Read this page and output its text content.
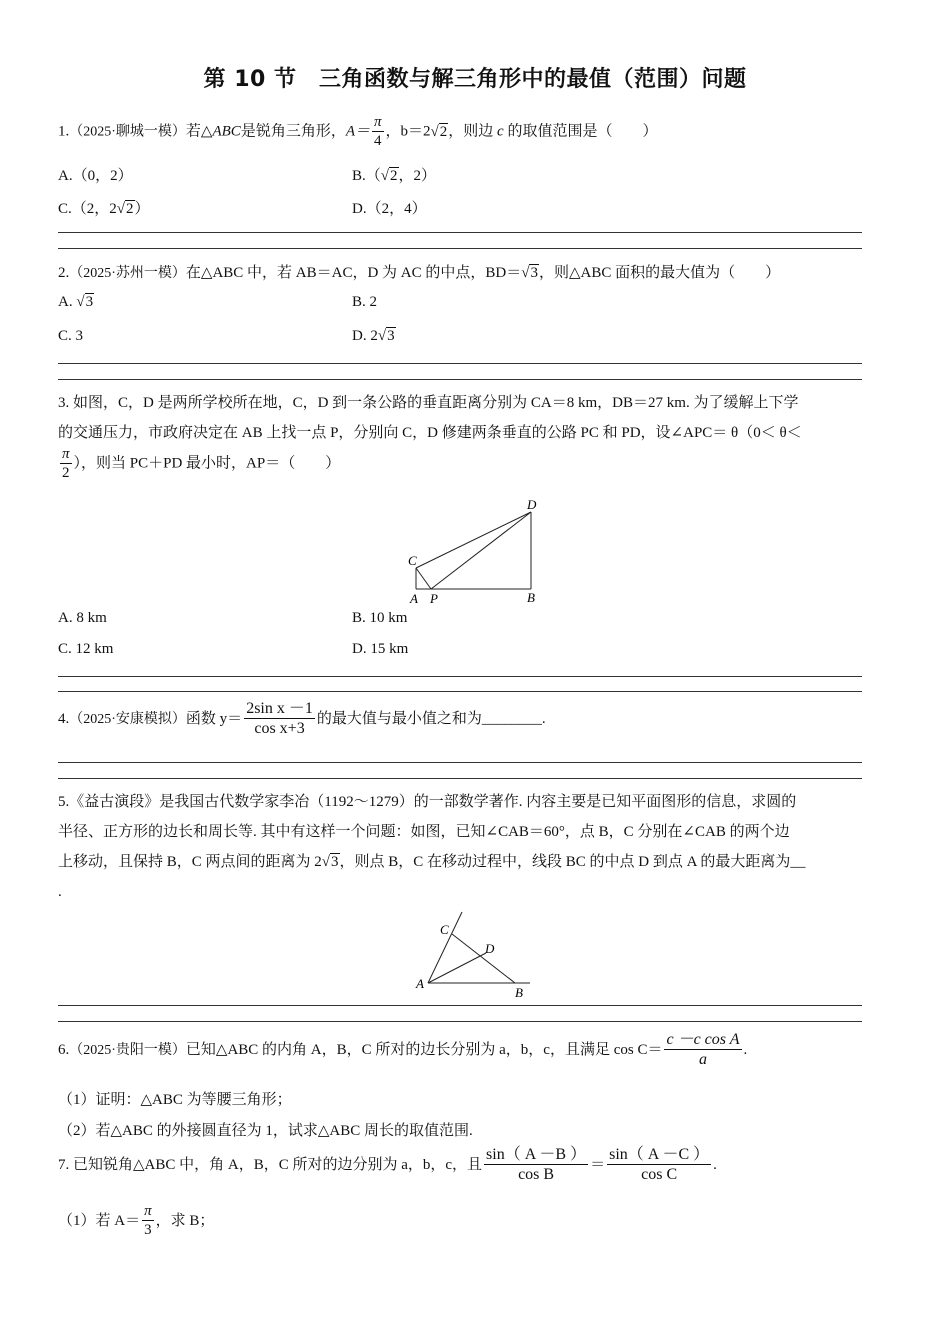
第 10 节　三角函数与解三角形中的最值（范围）问题
1.（2025·聊城一模）若△ABC是锐角三角形，$A= \frac{\pi}{4}$ ，b＝2√2，则边 c 的取值范围是（　　）
A.（0，2）	B.（√2，2）
C.（2，2√2）	D.（2，4）
2.（2025·苏州一模）在△ABC 中，若 AB＝AC，D 为 AC 的中点，BD＝√3，则△ABC 面积的最大值为（　　）
A. √3	B. 2
C. 3	D. 2√3
3. 如图，C，D 是两所学校所在地，C，D 到一条公路的垂直距离分别为 CA＝8 km，DB＝27 km. 为了缓解上下学
的交通压力，市政府决定在 AB 上找一点 P，分别向 C，D 修建两条垂直的公路 PC 和 PD，设∠APC＝ θ（0＜ θ＜
$\frac{\pi}{2}$ ），则当 PC＋PD 最小时，AP＝（　　）
A P	B
C
D
A. 8 km	B. 10 km
C. 12 km	D. 15 km
4.（2025·安康模拟）函数 $y= \frac{\text{2sin x －1}}{\text{cos x+3}}$ 的最大值与最小值之和为________.
5.《益古演段》是我国古代数学家李冶（1192～1279）的一部数学著作. 内容主要是已知平面图形的信息，求圆的
半径、正方形的边长和周长等. 其中有这样一个问题：如图，已知∠CAB＝60°，点 B，C 分别在∠CAB 的两个边
上移动，且保持 B，C 两点间的距离为 2√3，则点 B，C 在移动过程中，线段 BC 的中点 D 到点 A 的最大距离为__
.
A
B
C
D
6.（2025·贵阳一模）已知△ABC 的内角 A，B，C 所对的边长分别为 a，b，c，且满足 $\cos C= \frac{\text{c －c cos A}}{a}$ .
（1）证明：△ABC 为等腰三角形；
（2）若△ABC 的外接圆直径为 1，试求△ABC 周长的取值范围.
7. 已知锐角△ABC 中，角 A，B，C 所对的边分别为 a，b，c，且 $\frac{\sin( A -B )}{\text{cos B}} = \frac{\sin( A -C )}{\text{cos C}}$ .
（1）若 $A= \frac{\pi}{3}$ ，求 B；
